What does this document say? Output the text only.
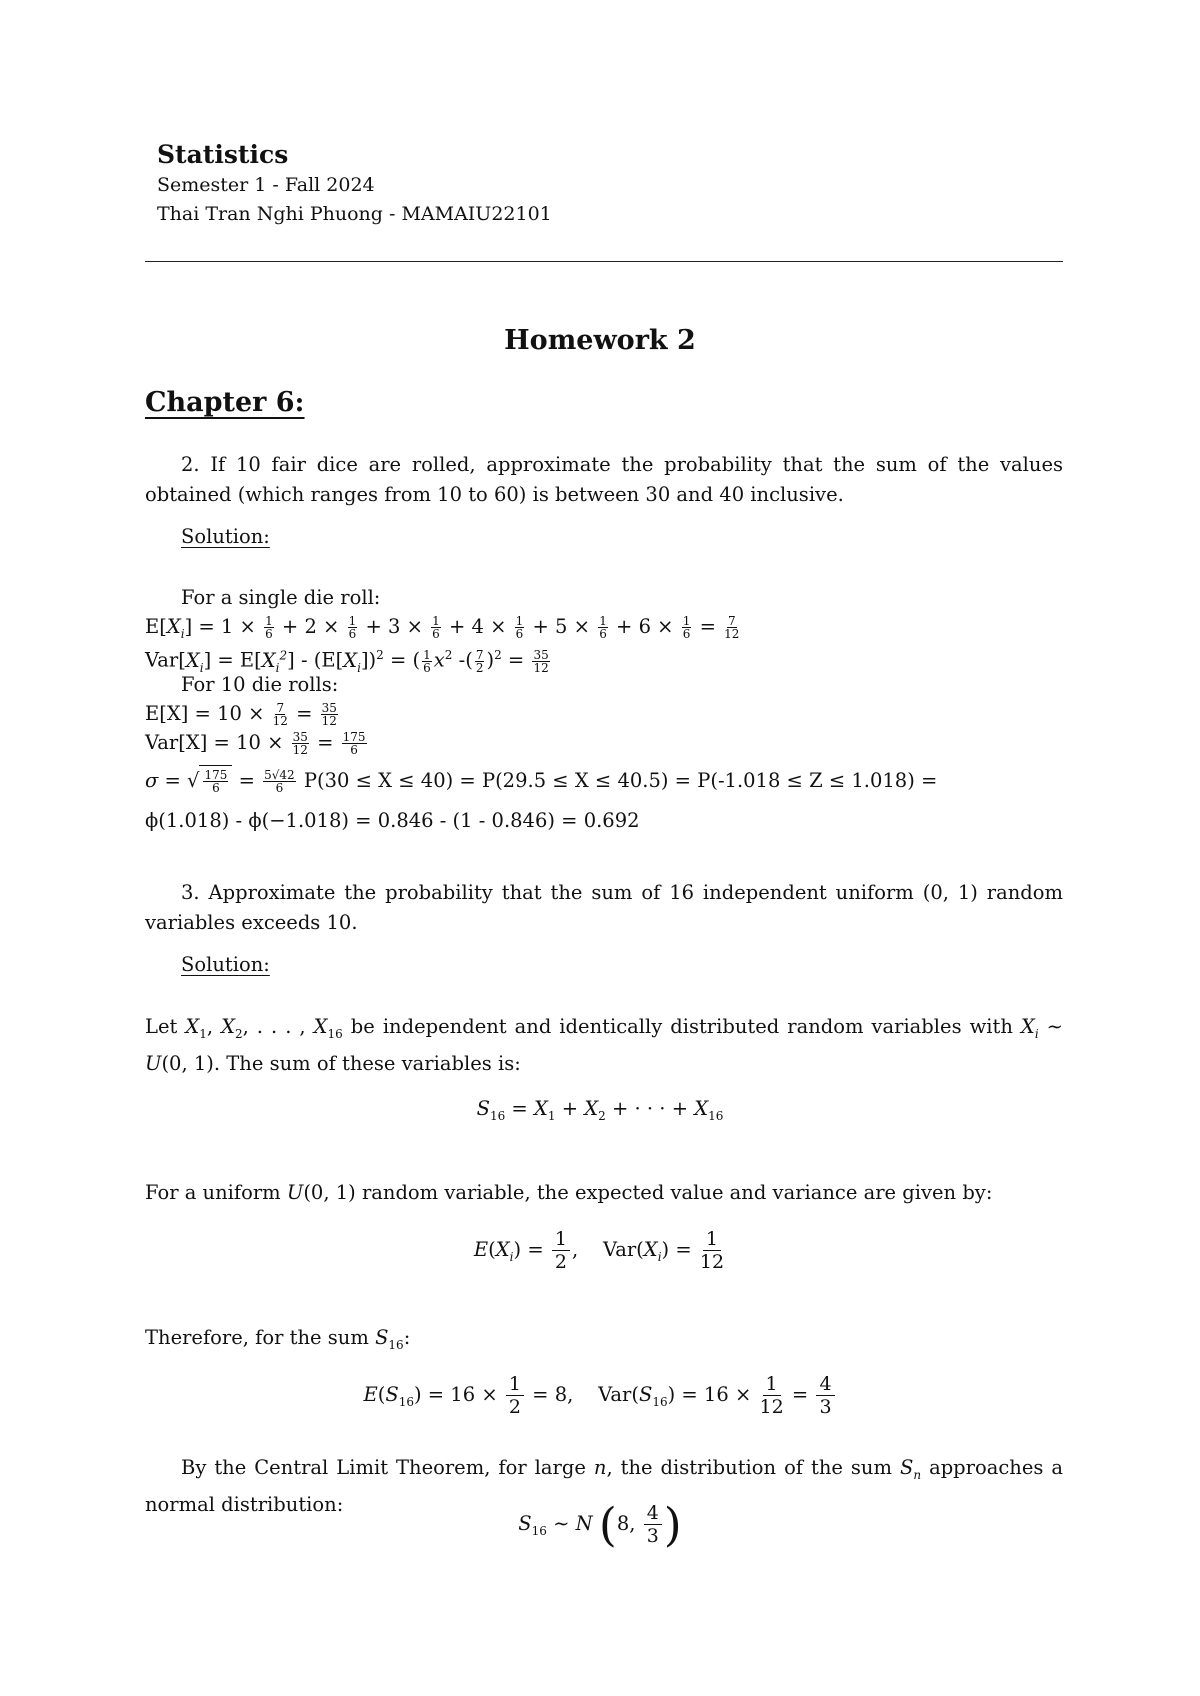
Statistics
Semester 1 - Fall 2024
Thai Tran Nghi Phuong - MAMAIU22101
Homework 2
Chapter 6:
2. If 10 fair dice are rolled, approximate the probability that the sum of the values obtained (which ranges from 10 to 60) is between 30 and 40 inclusive.
Solution:
For a single die roll:
$E[X_i] = 1 \times \frac{1}{6} + 2 \times \frac{1}{6} + 3 \times \frac{1}{6} + 4 \times \frac{1}{6} + 5 \times \frac{1}{6} + 6 \times \frac{1}{6} = \frac{7}{12}$
$Var[X_i] = E[X_i^2] - (E[X_i])^2$ = ( $\frac{1}{6} x^2$ -( $\frac{7}{2} )^2 = \frac{35}{12}$
For 10 die rolls:
$E[X] = 10 \times \frac{7}{12} = \frac{35}{12}$
$Var[X] = 10 \times \frac{35}{12} = \frac{175}{6}$
σ = √ $\frac{175}{6} = \frac{5√42}{6} P(30 \le X \le 40) = P(29.5 \le X \le 40.5) = P(-1.018 \le Z \le 1.018)$ =
ϕ(1.018) - ϕ(−1.018) = 0.846 - (1 - 0.846) = 0.692
3. Approximate the probability that the sum of 16 independent uniform (0, 1) random variables exceeds 10.
Solution:
Let $X_1$, $X_2$, . . . , $X_{16}$ be independent and identically distributed random variables with $X_i$ ∼ U(0, 1). The sum of these variables is:
$S_{16} = X_1 + X_2$ + · · · + $X_{16}$
For a uniform U(0, 1) random variable, the expected value and variance are given by:
$E(X_i) = \frac{1}{2}$ ,    $Var(X_i) = \frac{1}{12}$
Therefore, for the sum $S_{16}$:
$E(S_{16}) = 16 \times \frac{1}{2} = 8$,    $Var(S_{16}) = 16 \times \frac{1}{12} = \frac{4}{3}$
By the Central Limit Theorem, for large n, the distribution of the sum $S_n$ approaches a normal distribution:
$S_{16}$ ∼ N (8, $\frac{4}{3}$ )
